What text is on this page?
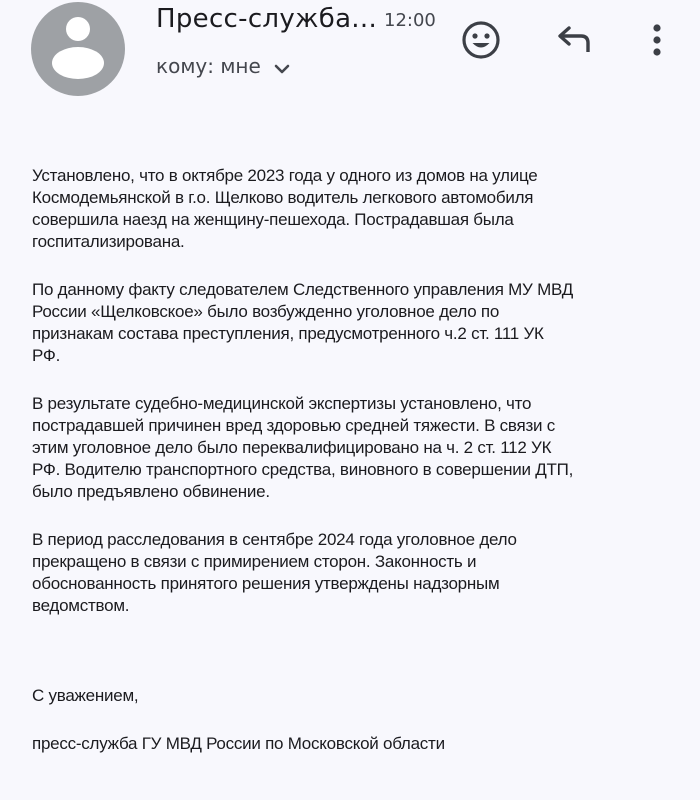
Пресс-служба... 12:00
кому: мне

Установлено, что в октябре 2023 года у одного из домов на улице
Космодемьянской в г.о. Щелково водитель легкового автомобиля
совершила наезд на женщину-пешехода. Пострадавшая была
госпитализирована.

По данному факту следователем Следственного управления МУ МВД
России «Щелковское» было возбужденно уголовное дело по
признакам состава преступления, предусмотренного ч.2 ст. 111 УК
РФ.

В результате судебно-медицинской экспертизы установлено, что
пострадавшей причинен вред здоровью средней тяжести. В связи с
этим уголовное дело было переквалифицировано на ч. 2 ст. 112 УК
РФ. Водителю транспортного средства, виновного в совершении ДТП,
было предъявлено обвинение.

В период расследования в сентябре 2024 года уголовное дело
прекращено в связи с примирением сторон. Законность и
обоснованность принятого решения утверждены надзорным
ведомством.

С уважением,

пресс-служба ГУ МВД России по Московской области
